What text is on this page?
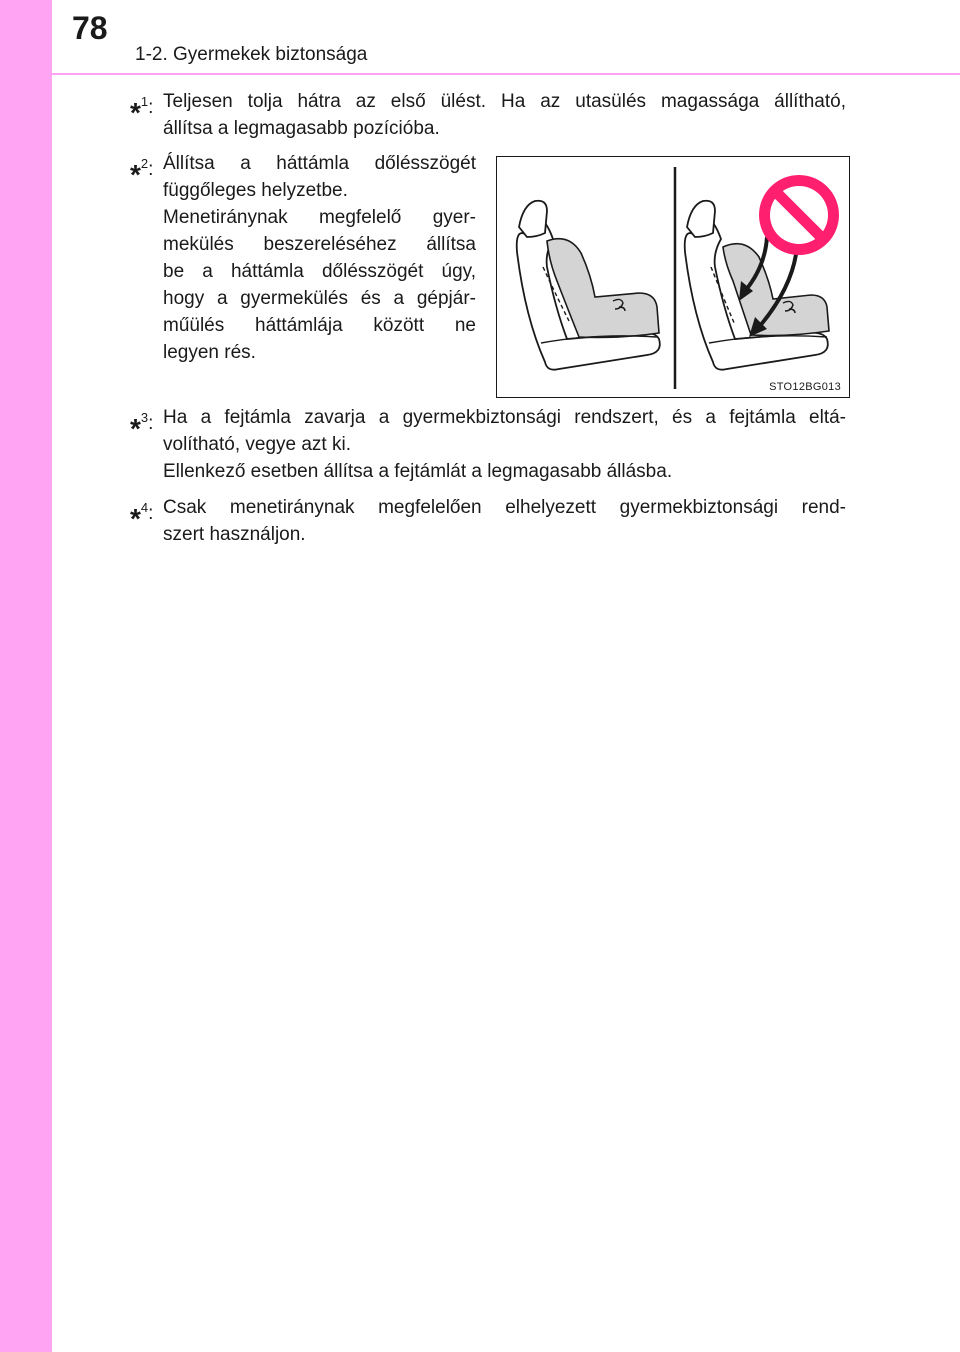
78
1-2. Gyermekek biztonsága
*$^1$: Teljesen tolja hátra az első ülést. Ha az utasülés magassága állítható,

állítsa a legmagasabb pozícióba.

*$^2$: Állítsa a háttámla dőlésszögét

függőleges helyzetbe.

Menetiránynak megfelelő gyer-

mekülés beszereléséhez állítsa

be a háttámla dőlésszögét úgy,

hogy a gyermekülés és a gépjár-

műülés háttámlája között ne

legyen rés.

STO12BG013
*$^3$: Ha a fejtámla zavarja a gyermekbiztonsági rendszert, és a fejtámla eltá-

volítható, vegye azt ki.

Ellenkező esetben állítsa a fejtámlát a legmagasabb állásba.

*$^4$: Csak menetiránynak megfelelően elhelyezett gyermekbiztonsági rend-

szert használjon.
